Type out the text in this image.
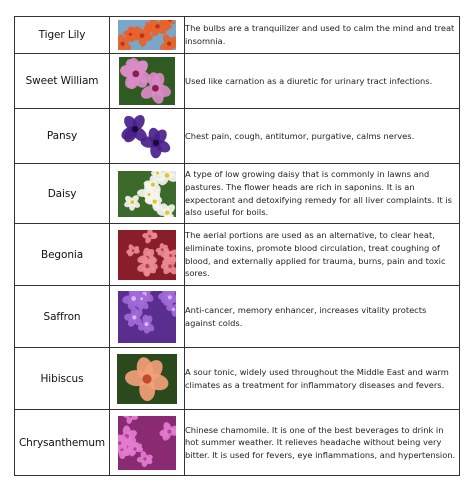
Tiger Lily		The bulbs are a tranquilizer and used to calm the mind and treat insomnia.
Sweet William		Used like carnation as a diuretic for urinary tract infections.
Pansy		Chest pain, cough, antitumor, purgative, calms nerves.
Daisy		A type of low growing daisy that is commonly in lawns and pastures. The flower heads are rich in saponins. It is an expectorant and detoxifying remedy for all liver complaints. It is also useful for boils.
Begonia		The aerial portions are used as an alternative, to clear heat, eliminate toxins, promote blood circulation, treat coughing of blood, and externally applied for trauma, burns, pain and toxic sores.
Saffron		Anti-cancer, memory enhancer, increases vitality protects against colds.
Hibiscus		A sour tonic, widely used throughout the Middle East and warm climates as a treatment for inflammatory diseases and fevers.
Chrysanthemum		Chinese chamomile. It is one of the best beverages to drink in hot summer weather. It relieves headache without being very bitter. It is used for fevers, eye inflammations, and hypertension.
